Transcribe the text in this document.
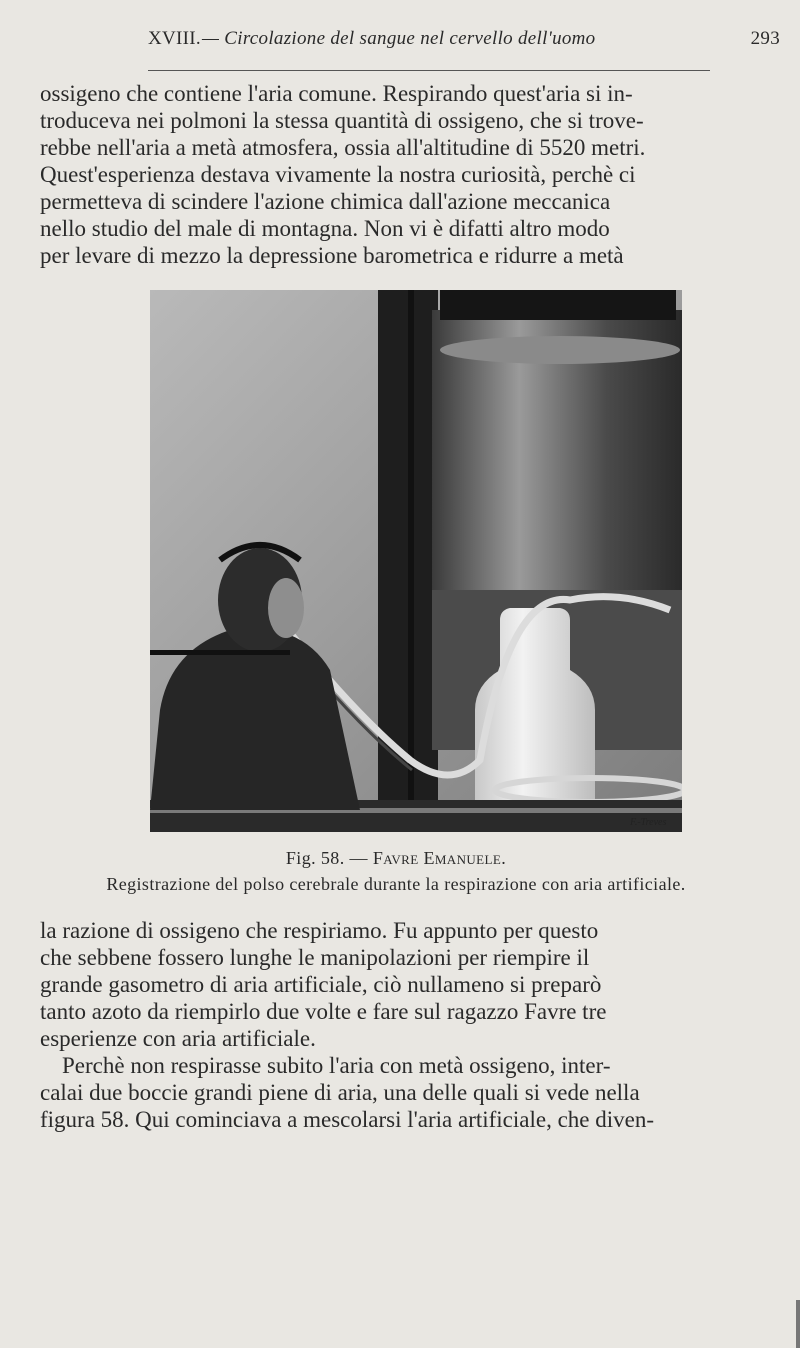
XVIII. — Circolazione del sangue nel cervello dell'uomo	293
ossigeno che contiene l'aria comune. Respirando quest'aria si in-
troduceva nei polmoni la stessa quantità di ossigeno, che si trove-
rebbe nell'aria a metà atmosfera, ossia all'altitudine di 5520 metri.
Quest'esperienza destava vivamente la nostra curiosità, perchè ci
permetteva di scindere l'azione chimica dall'azione meccanica
nello studio del male di montagna. Non vi è difatti altro modo
per levare di mezzo la depressione barometrica e ridurre a metà
F.-Treves
Fig. 58. — Favre Emanuele.
Registrazione del polso cerebrale durante la respirazione con aria artificiale.
la razione di ossigeno che respiriamo. Fu appunto per questo
che sebbene fossero lunghe le manipolazioni per riempire il
grande gasometro di aria artificiale, ciò nullameno si preparò
tanto azoto da riempirlo due volte e fare sul ragazzo Favre tre
esperienze con aria artificiale.
Perchè non respirasse subito l'aria con metà ossigeno, inter-
calai due boccie grandi piene di aria, una delle quali si vede nella
figura 58. Qui cominciava a mescolarsi l'aria artificiale, che diven-
